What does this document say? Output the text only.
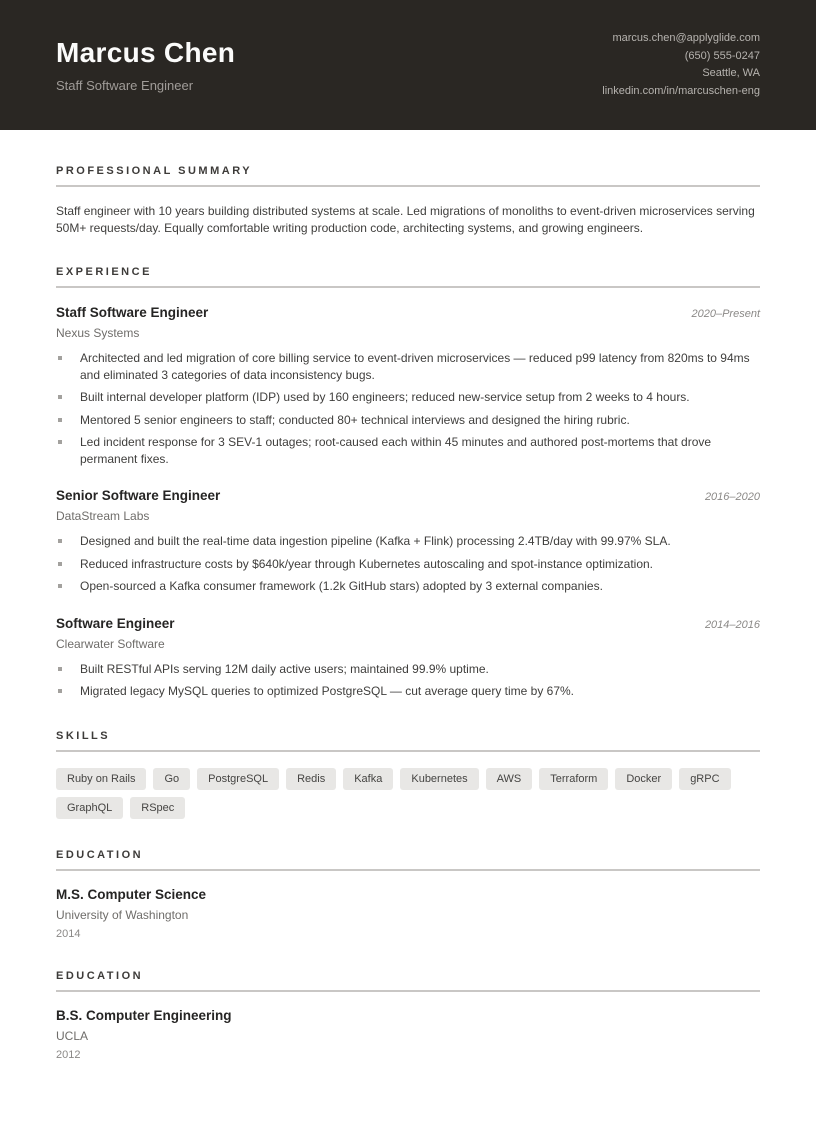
Marcus Chen
Staff Software Engineer
marcus.chen@applyglide.com
(650) 555-0247
Seattle, WA
linkedin.com/in/marcuschen-eng
PROFESSIONAL SUMMARY

Staff engineer with 10 years building distributed systems at scale. Led migrations of monoliths to event-driven microservices serving 50M+ requests/day. Equally comfortable writing production code, architecting systems, and growing engineers.

EXPERIENCE
Staff Software Engineer	2020–Present
Nexus Systems
Architected and led migration of core billing service to event-driven microservices — reduced p99 latency from 820ms to 94ms and eliminated 3 categories of data inconsistency bugs.
Built internal developer platform (IDP) used by 160 engineers; reduced new-service setup from 2 weeks to 4 hours.
Mentored 5 senior engineers to staff; conducted 80+ technical interviews and designed the hiring rubric.
Led incident response for 3 SEV-1 outages; root-caused each within 45 minutes and authored post-mortems that drove permanent fixes.
Senior Software Engineer	2016–2020
DataStream Labs
Designed and built the real-time data ingestion pipeline (Kafka + Flink) processing 2.4TB/day with 99.97% SLA.
Reduced infrastructure costs by $640k/year through Kubernetes autoscaling and spot-instance optimization.
Open-sourced a Kafka consumer framework (1.2k GitHub stars) adopted by 3 external companies.
Software Engineer	2014–2016
Clearwater Software
Built RESTful APIs serving 12M daily active users; maintained 99.9% uptime.
Migrated legacy MySQL queries to optimized PostgreSQL — cut average query time by 67%.
SKILLS
Ruby on Rails	Go	PostgreSQL	Redis	Kafka	Kubernetes	AWS	Terraform	Docker	gRPC
GraphQL	RSpec
EDUCATION
M.S. Computer Science
University of Washington
2014
EDUCATION
B.S. Computer Engineering
UCLA
2012
